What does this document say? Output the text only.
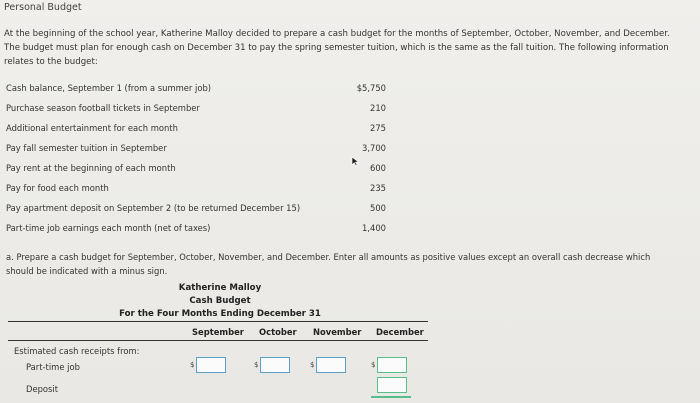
Personal Budget
At the beginning of the school year, Katherine Malloy decided to prepare a cash budget for the months of September, October, November, and December.
The budget must plan for enough cash on December 31 to pay the spring semester tuition, which is the same as the fall tuition. The following information
relates to the budget:
Cash balance, September 1 (from a summer job)	$5,750
Purchase season football tickets in September	210
Additional entertainment for each month	275
Pay fall semester tuition in September	3,700
Pay rent at the beginning of each month	600
Pay for food each month	235
Pay apartment deposit on September 2 (to be returned December 15)	500
Part-time job earnings each month (net of taxes)	1,400
a. Prepare a cash budget for September, October, November, and December. Enter all amounts as positive values except an overall cash decrease which
should be indicated with a minus sign.
Katherine Malloy
Cash Budget
For the Four Months Ending December 31
September October November December
Estimated cash receipts from:
Part-time job	$	$	$	$
Deposit
